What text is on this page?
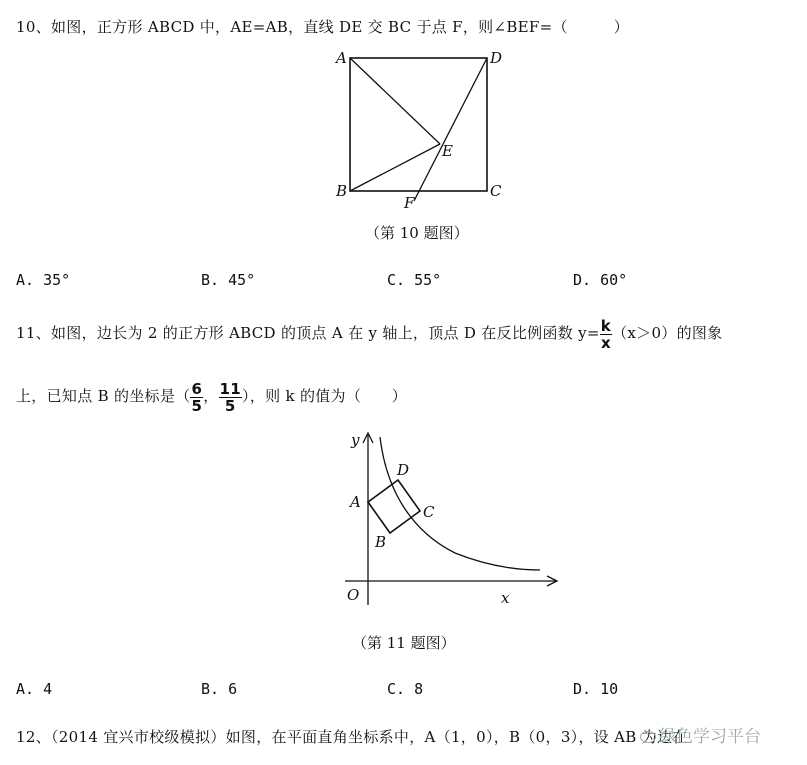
10、如图，正方形 ABCD 中，AE=AB，直线 DE 交 BC 于点 F，则∠BEF=（　　　）
A	D
B	C
E
F
（第 10 题图）
A. 35°	B. 45°	C. 55°	D. 60°
11、如图，边长为 2 的正方形 ABCD 的顶点 A 在 y 轴上，顶点 D 在反比例函数 $y= \frac{k}{x} (x>0)$的图象
上，已知点 B 的坐标是（ $\frac{6}{5}$ ， $\frac{11}{5}$ ），则 k 的值为（　　）
x
y
O
A
B
C
D
（第 11 题图）
A. 4	B. 6	C. 8	D. 10
12、（2014 宜兴市校级模拟）如图，在平面直角坐标系中，A（1，0），B（0，3），设 AB 为边在
绿色学习平台
